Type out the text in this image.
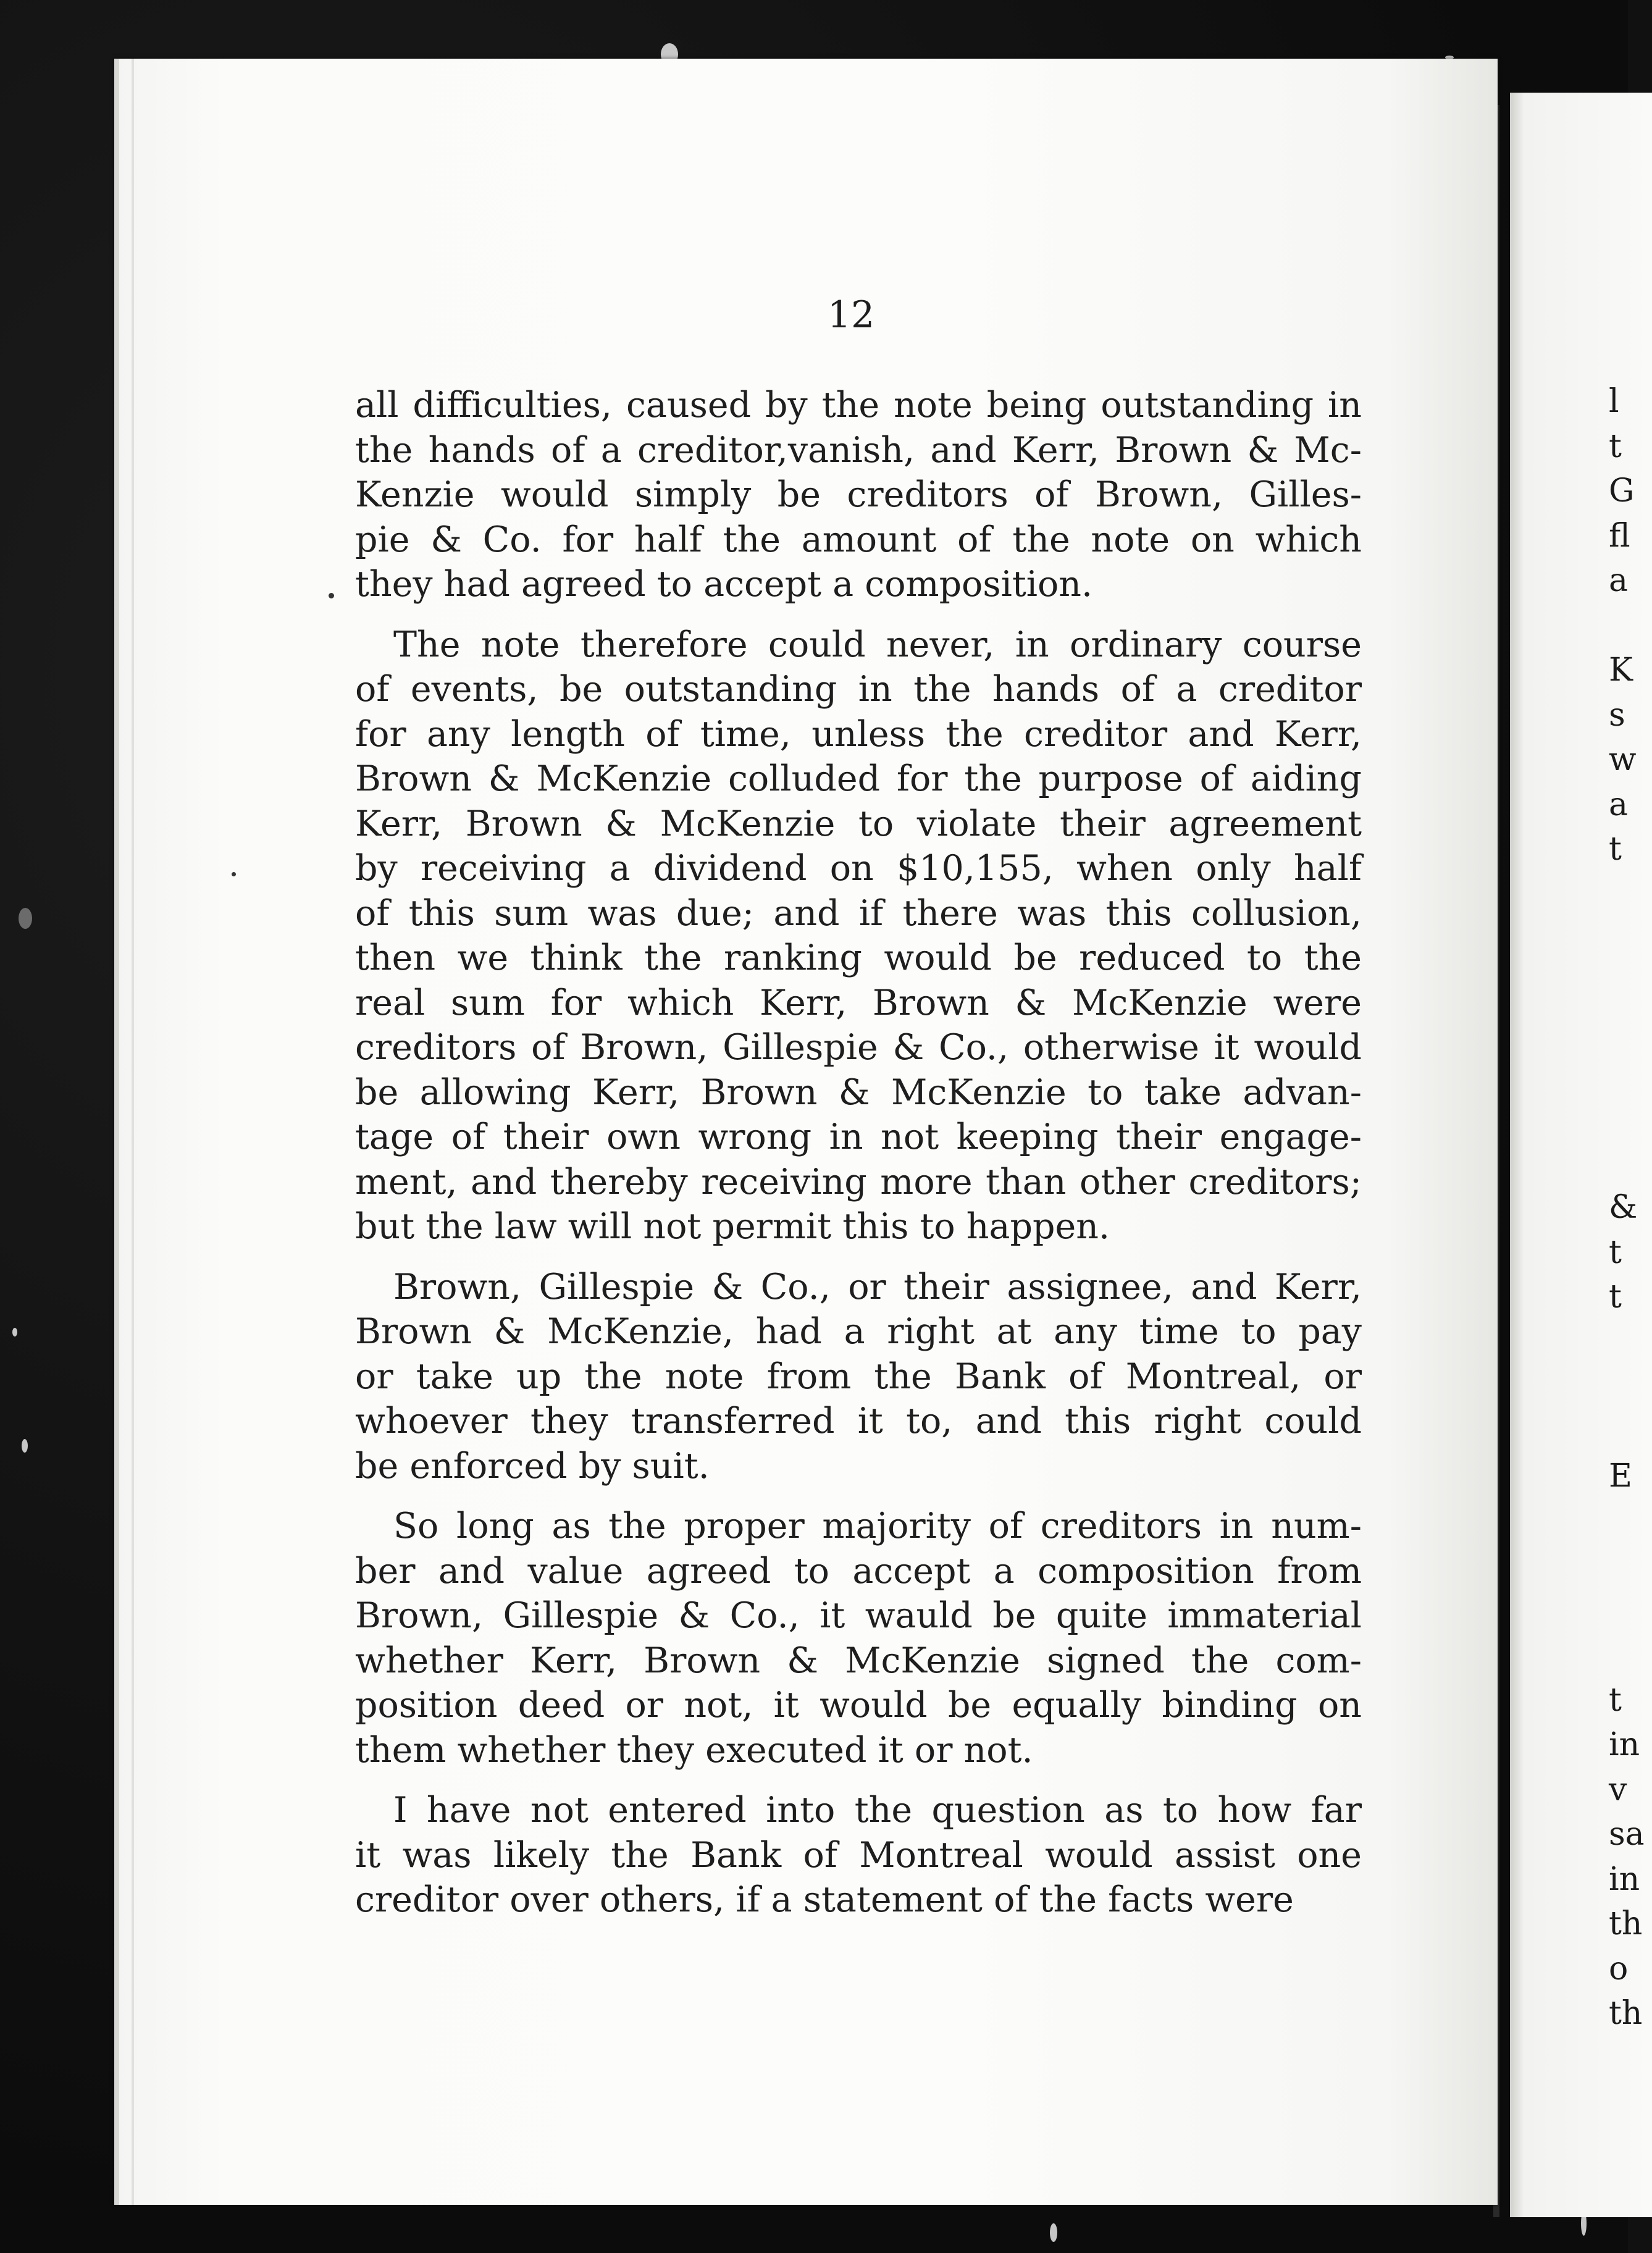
l
t
G
fl
a
K
s
w
a
t
&
t
t
E
t
in
v
sa
in
th
o
th
12
all difficulties, caused by the note being outstanding in
the hands of a creditor,vanish, and Kerr, Brown & Mc-
Kenzie would simply be creditors of Brown, Gilles-
pie & Co. for half the amount of the note on which
they had agreed to accept a composition.
The note therefore could never, in ordinary course
of events, be outstanding in the hands of a creditor
for any length of time, unless the creditor and Kerr,
Brown & McKenzie colluded for the purpose of aiding
Kerr, Brown & McKenzie to violate their agreement
by receiving a dividend on $10,155, when only half
of this sum was due; and if there was this collusion,
then we think the ranking would be reduced to the
real sum for which Kerr, Brown & McKenzie were
creditors of Brown, Gillespie & Co., otherwise it would
be allowing Kerr, Brown & McKenzie to take advan-
tage of their own wrong in not keeping their engage-
ment, and thereby receiving more than other creditors;
but the law will not permit this to happen.
Brown, Gillespie & Co., or their assignee, and Kerr,
Brown & McKenzie, had a right at any time to pay
or take up the note from the Bank of Montreal, or
whoever they transferred it to, and this right could
be enforced by suit.
So long as the proper majority of creditors in num-
ber and value agreed to accept a composition from
Brown, Gillespie & Co., it wauld be quite immaterial
whether Kerr, Brown & McKenzie signed the com-
position deed or not, it would be equally binding on
them whether they executed it or not.
I have not entered into the question as to how far
it was likely the Bank of Montreal would assist one
creditor over others, if a statement of the facts were
